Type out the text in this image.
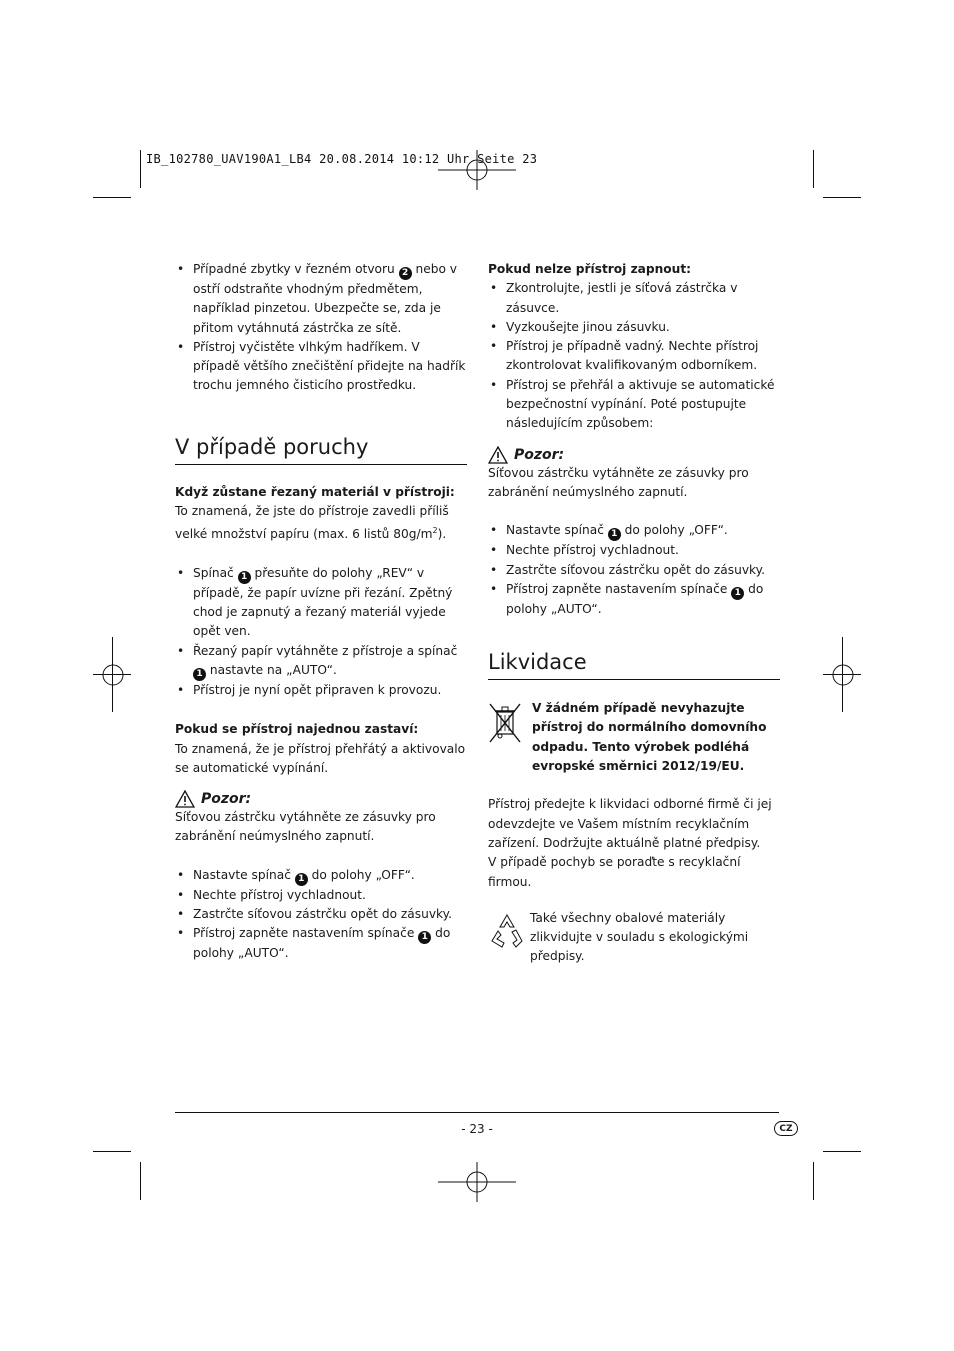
IB_102780_UAV190A1_LB4 20.08.2014 10:12 Uhr Seite 23
• Případné zbytky v řezném otvoru 2 nebo v ostří odstraňte vhodným předmětem, například pinzetou. Ubezpečte se, zda je přitom vytáhnutá zástrčka ze sítě.
• Přístroj vyčistěte vlhkým hadříkem. V případě většího znečištění přidejte na hadřík trochu jemného čisticího prostředku.
V případě poruchy

Když zůstane řezaný materiál v přístroji:

To znamená, že jste do přístroje zavedli příliš velké množství papíru (max. 6 listů $80g/m^2$).

• Spínač 1 přesuňte do polohy „REV“ v případě, že papír uvízne při řezání. Zpětný chod je zapnutý a řezaný materiál vyjede opět ven.
• Řezaný papír vytáhněte z přístroje a spínač 1 nastavte na „AUTO“.
• Přístroj je nyní opět připraven k provozu.

Pokud se přístroj najednou zastaví:

To znamená, že je přístroj přehřátý a aktivovalo se automatické vypínání.

Pozor:

Síťovou zástrčku vytáhněte ze zásuvky pro zabránění neúmyslného zapnutí.

• Nastavte spínač 1 do polohy „OFF“.
• Nechte přístroj vychladnout.
• Zastrčte síťovou zástrčku opět do zásuvky.
• Přístroj zapněte nastavením spínače 1 do polohy „AUTO“.

Pokud nelze přístroj zapnout:

• Zkontrolujte, jestli je síťová zástrčka v zásuvce.
• Vyzkoušejte jinou zásuvku.
• Přístroj je případně vadný. Nechte přístroj zkontrolovat kvalifikovaným odborníkem.
• Přístroj se přehřál a aktivuje se automatické bezpečnostní vypínání. Poté postupujte následujícím způsobem:
Pozor:

Síťovou zástrčku vytáhněte ze zásuvky pro zabránění neúmyslného zapnutí.

• Nastavte spínač 1 do polohy „OFF“.
• Nechte přístroj vychladnout.
• Zastrčte síťovou zástrčku opět do zásuvky.
• Přístroj zapněte nastavením spínače 1 do polohy „AUTO“.
Likvidace

V žádném případě nevyhazujte přístroj do normálního domovního odpadu. Tento výrobek podléhá evropské směrnici 2012/19/EU.

Přístroj předejte k likvidaci odborné firmě či jej odevzdejte ve Vašem místním recyklačním zařízení. Dodržujte aktuálně platné předpisy.

V případě pochyb se poraďte s recyklační firmou.

Také všechny obalové materiály zlikvidujte v souladu s ekologickými předpisy.

- 23 -	CZ
